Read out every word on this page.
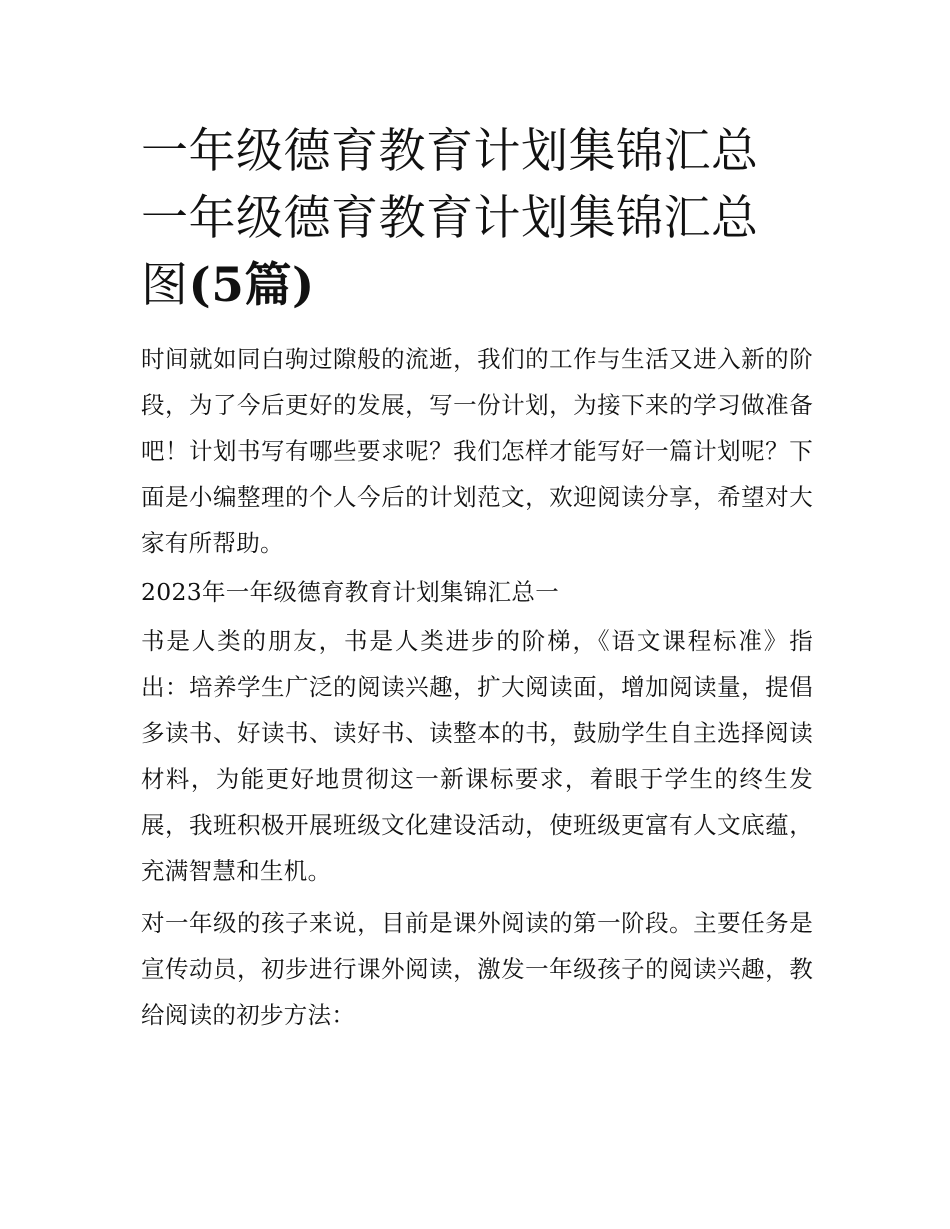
一年级德育教育计划集锦汇总
一年级德育教育计划集锦汇总
图(5篇)

时间就如同白驹过隙般的流逝，我们的工作与生活又进入新的阶段，为了今后更好的发展，写一份计划，为接下来的学习做准备吧！计划书写有哪些要求呢？我们怎样才能写好一篇计划呢？下面是小编整理的个人今后的计划范文，欢迎阅读分享，希望对大家有所帮助。

2023年一年级德育教育计划集锦汇总一

书是人类的朋友，书是人类进步的阶梯，《语文课程标准》指出：培养学生广泛的阅读兴趣，扩大阅读面，增加阅读量，提倡多读书、好读书、读好书、读整本的书，鼓励学生自主选择阅读材料，为能更好地贯彻这一新课标要求，着眼于学生的终生发展，我班积极开展班级文化建设活动，使班级更富有人文底蕴，充满智慧和生机。

对一年级的孩子来说，目前是课外阅读的第一阶段。主要任务是宣传动员，初步进行课外阅读，激发一年级孩子的阅读兴趣，教给阅读的初步方法：
